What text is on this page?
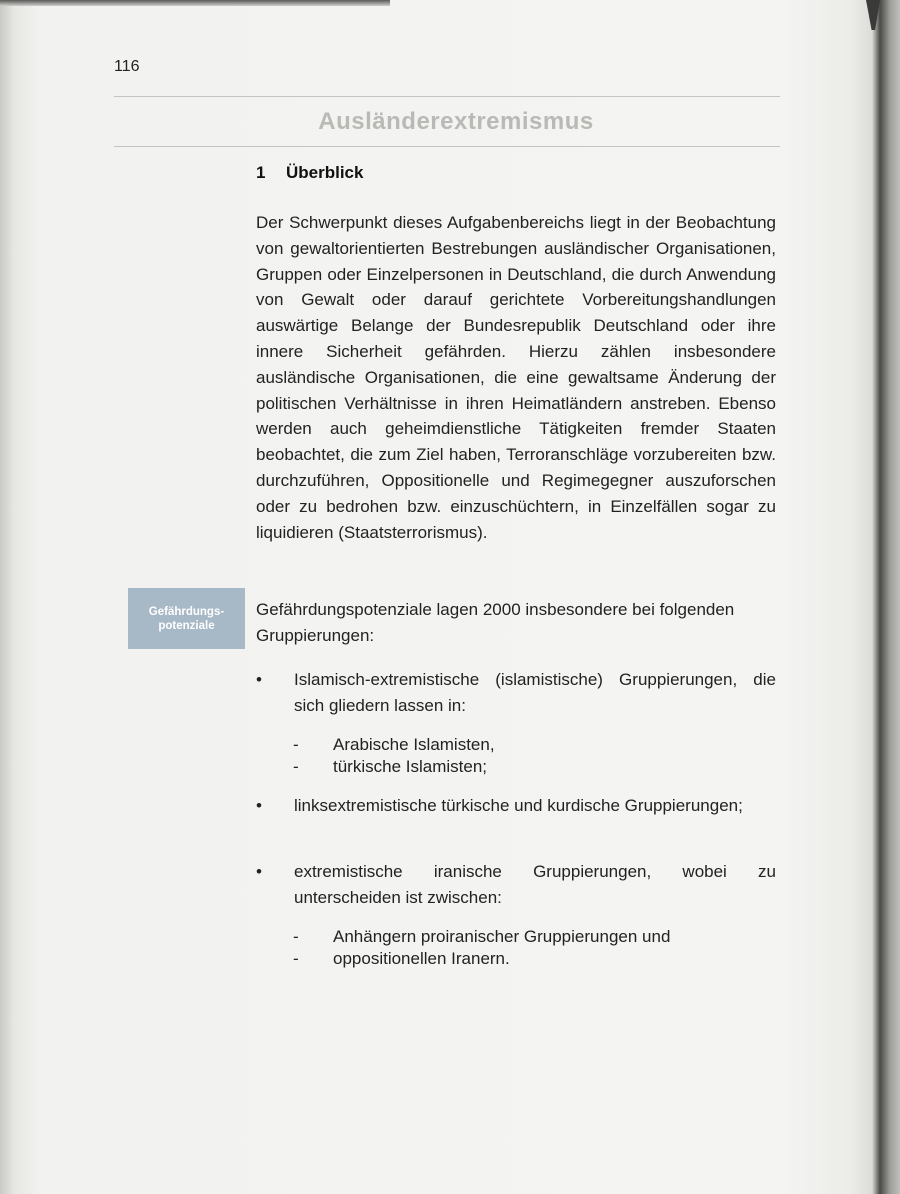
116
Ausländerextremismus
1 Überblick
Der Schwerpunkt dieses Aufgabenbereichs liegt in der Beobachtung von gewaltorientierten Bestrebungen ausländischer Organisationen, Gruppen oder Einzelpersonen in Deutschland, die durch Anwendung von Gewalt oder darauf gerichtete Vorbereitungshandlungen auswärtige Belange der Bundesrepublik Deutschland oder ihre innere Sicherheit gefährden. Hierzu zählen insbesondere ausländische Organisationen, die eine gewaltsame Änderung der politischen Verhältnisse in ihren Heimatländern anstreben. Ebenso werden auch geheimdienstliche Tätigkeiten fremder Staaten beobachtet, die zum Ziel haben, Terroranschläge vorzubereiten bzw. durchzuführen, Oppositionelle und Regimegegner auszuforschen oder zu bedrohen bzw. einzuschüchtern, in Einzelfällen sogar zu liquidieren (Staatsterrorismus).
Gefährdungs-
potenziale
Gefährdungspotenziale lagen 2000 insbesondere bei folgenden Gruppierungen:
•	Islamisch-extremistische (islamistische) Gruppierungen, die sich gliedern lassen in:
-	Arabische Islamisten,
-	türkische Islamisten;
•	linksextremistische türkische und kurdische Gruppierungen;
•	extremistische iranische Gruppierungen, wobei zu unterscheiden ist zwischen:
-	Anhängern proiranischer Gruppierungen und
-	oppositionellen Iranern.
